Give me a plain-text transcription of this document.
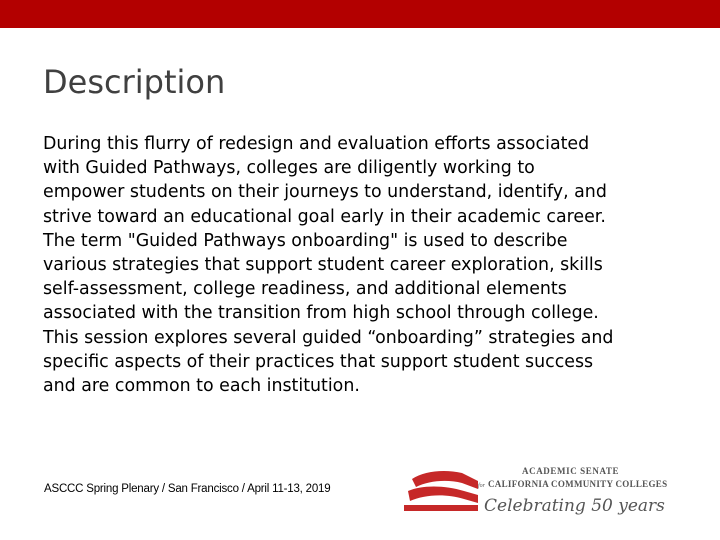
Description

During this flurry of redesign and evaluation efforts associated
with Guided Pathways, colleges are diligently working to
empower students on their journeys to understand, identify, and
strive toward an educational goal early in their academic career.
The term "Guided Pathways onboarding" is used to describe
various strategies that support student career exploration, skills
self-assessment, college readiness, and additional elements
associated with the transition from high school through college.
This session explores several guided “onboarding” strategies and
specific aspects of their practices that support student success
and are common to each institution.

ASCCC Spring Plenary / San Francisco / April 11-13, 2019
ACADEMIC SENATE
for CALIFORNIA COMMUNITY COLLEGES
Celebrating 50 years
